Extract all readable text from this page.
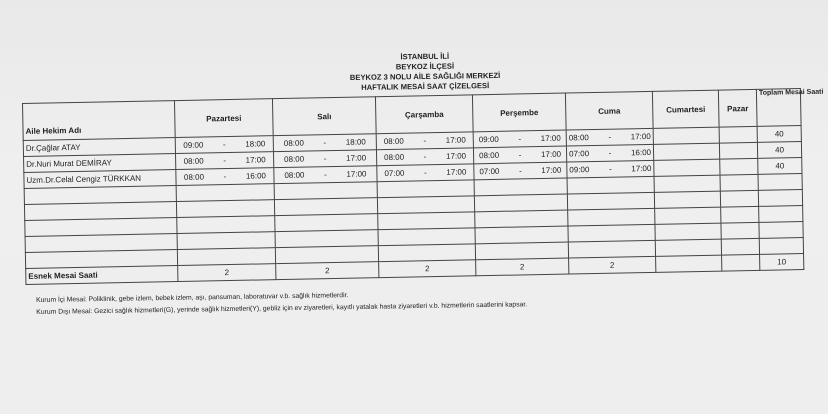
İSTANBUL İLİ
BEYKOZ İLÇESİ
BEYKOZ 3 NOLU AİLE SAĞLIĞI MERKEZİ
HAFTALIK MESAİ SAAT ÇİZELGESİ
Aile Hekim Adı	Pazartesi	Salı	Çarşamba	Perşembe	Cuma	Cumartesi	Pazar	Toplam Mesai Saati
Dr.Çağlar ATAY	09:00 - 18:00	08:00 - 18:00	08:00 - 17:00	09:00 - 17:00	08:00 - 17:00			40
Dr.Nuri Murat DEMİRAY	08:00 - 17:00	08:00 - 17:00	08:00 - 17:00	08:00 - 17:00	07:00 - 16:00			40
Uzm.Dr.Celal Cengiz TÜRKKAN	08:00 - 16:00	08:00 - 17:00	07:00 - 17:00	07:00 - 17:00	09:00 - 17:00			40

Esnek Mesai Saati	2	2	2	2	2			10
Kurum İçi Mesai: Poliklinik, gebe izlem, bebek izlem, aşı, pansuman, laboratuvar v.b. sağlık hizmetlerdir.
Kurum Dışı Mesai: Gezici sağlık hizmetleri(G), yerinde sağlık hizmetleri(Y), gebliz için ev ziyaretleri, kayıtlı yatalak hasta ziyaretleri v.b. hizmetlerin saatlerini kapsar.
